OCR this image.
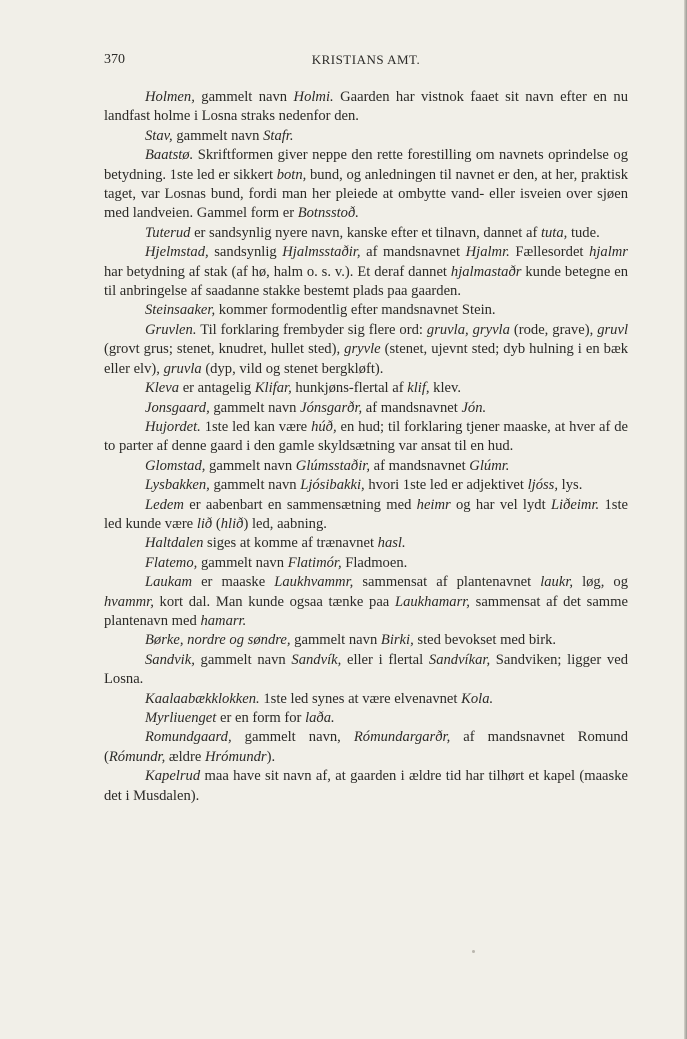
370	KRISTIANS AMT.

Holmen, gammelt navn Holmi. Gaarden har vistnok faaet sit navn efter en nu landfast holme i Losna straks nedenfor den.

Stav, gammelt navn Stafr.

Baatstø. Skriftformen giver neppe den rette forestilling om navnets oprindelse og betydning. 1ste led er sikkert botn, bund, og anledningen til navnet er den, at her, praktisk taget, var Losnas bund, fordi man her pleiede at ombytte vand- eller isveien over sjøen med landveien. Gammel form er Botnsstoð.

Tuterud er sandsynlig nyere navn, kanske efter et tilnavn, dannet af tuta, tude.

Hjelmstad, sandsynlig Hjalmsstaðir, af mandsnavnet Hjalmr. Fællesordet hjalmr har betydning af stak (af hø, halm o. s. v.). Et deraf dannet hjalmastaðr kunde betegne en til anbringelse af saadanne stakke bestemt plads paa gaarden.

Steinsaaker, kommer formodentlig efter mandsnavnet Stein.

Gruvlen. Til forklaring frembyder sig flere ord: gruvla, gryvla (rode, grave), gruvl (grovt grus; stenet, knudret, hullet sted), gryvle (stenet, ujevnt sted; dyb hulning i en bæk eller elv), gruvla (dyp, vild og stenet bergkløft).

Kleva er antagelig Klifar, hunkjøns-flertal af klif, klev.

Jonsgaard, gammelt navn Jónsgarðr, af mandsnavnet Jón.

Hujordet. 1ste led kan være húð, en hud; til forklaring tjener maaske, at hver af de to parter af denne gaard i den gamle skyldsætning var ansat til en hud.

Glomstad, gammelt navn Glúmsstaðir, af mandsnavnet Glúmr.

Lysbakken, gammelt navn Ljósibakki, hvori 1ste led er adjektivet ljóss, lys.

Ledem er aabenbart en sammensætning med heimr og har vel lydt Liðeimr. 1ste led kunde være lið (hlið) led, aabning.

Haltdalen siges at komme af trænavnet hasl.

Flatemo, gammelt navn Flatimór, Fladmoen.

Laukam er maaske Laukhvammr, sammensat af plantenavnet laukr, løg, og hvammr, kort dal. Man kunde ogsaa tænke paa Laukhamarr, sammensat af det samme plantenavn med hamarr.

Børke, nordre og søndre, gammelt navn Birki, sted bevokset med birk.

Sandvik, gammelt navn Sandvík, eller i flertal Sandvíkar, Sandviken; ligger ved Losna.

Kaalaabækklokken. 1ste led synes at være elvenavnet Kola.

Myrliuenget er en form for laða.

Romundgaard, gammelt navn, Rómundargarðr, af mandsnavnet Romund (Rómundr, ældre Hrómundr).

Kapelrud maa have sit navn af, at gaarden i ældre tid har tilhørt et kapel (maaske det i Musdalen).
